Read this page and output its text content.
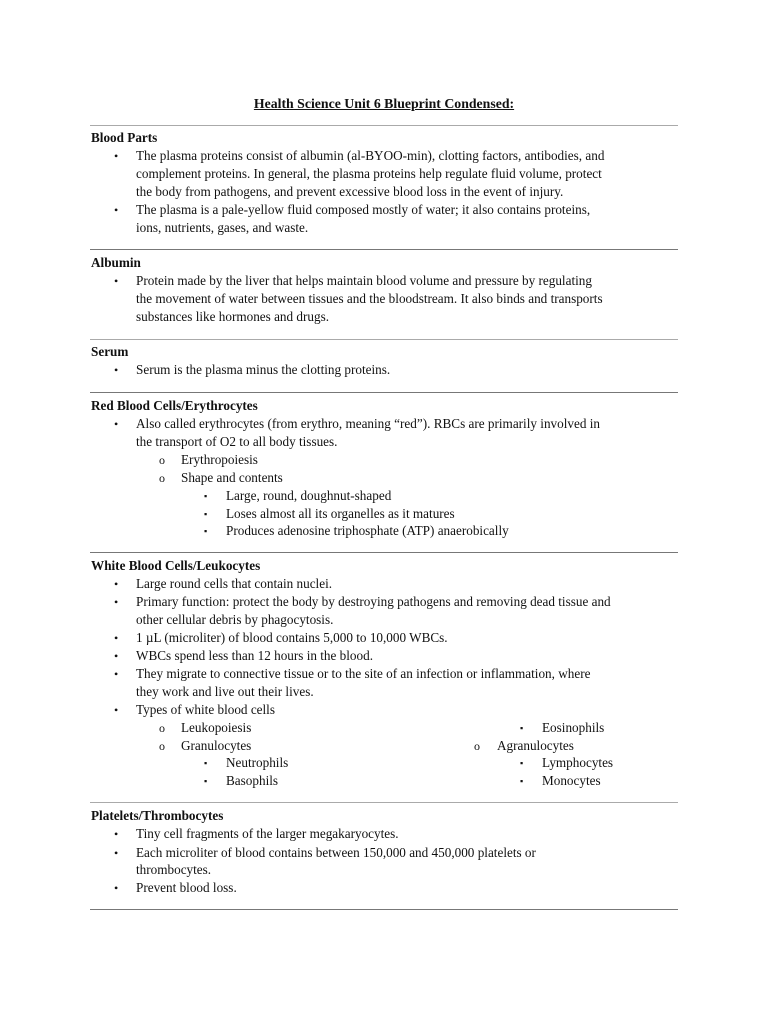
Health Science Unit 6 Blueprint Condensed:
Blood Parts
• The plasma proteins consist of albumin (al-BYOO-min), clotting factors, antibodies, and
complement proteins. In general, the plasma proteins help regulate fluid volume, protect
the body from pathogens, and prevent excessive blood loss in the event of injury.
• The plasma is a pale-yellow fluid composed mostly of water; it also contains proteins,
ions, nutrients, gases, and waste.
Albumin
• Protein made by the liver that helps maintain blood volume and pressure by regulating
the movement of water between tissues and the bloodstream. It also binds and transports
substances like hormones and drugs.
Serum
• Serum is the plasma minus the clotting proteins.
Red Blood Cells/Erythrocytes
• Also called erythrocytes (from erythro, meaning “red”). RBCs are primarily involved in
the transport of O2 to all body tissues.
o Erythropoiesis
o Shape and contents
▪ Large, round, doughnut-shaped
▪ Loses almost all its organelles as it matures
▪ Produces adenosine triphosphate (ATP) anaerobically
White Blood Cells/Leukocytes
• Large round cells that contain nuclei.
• Primary function: protect the body by destroying pathogens and removing dead tissue and
other cellular debris by phagocytosis.
• 1 µL (microliter) of blood contains 5,000 to 10,000 WBCs.
• WBCs spend less than 12 hours in the blood.
• They migrate to connective tissue or to the site of an infection or inflammation, where
they work and live out their lives.
• Types of white blood cells
o Leukopoiesis	▪ Eosinophils
o Granulocytes	o Agranulocytes
▪ Neutrophils	▪ Lymphocytes
▪ Basophils	▪ Monocytes
Platelets/Thrombocytes
• Tiny cell fragments of the larger megakaryocytes.
• Each microliter of blood contains between 150,000 and 450,000 platelets or
thrombocytes.
• Prevent blood loss.
